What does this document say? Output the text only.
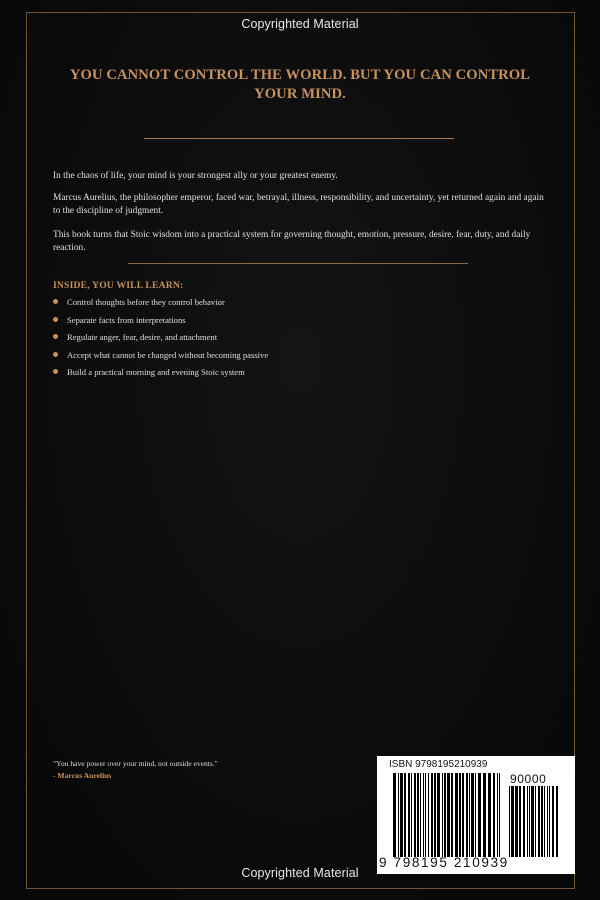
Copyrighted Material
YOU CANNOT CONTROL THE WORLD. BUT YOU CAN CONTROL YOUR MIND.

In the chaos of life, your mind is your strongest ally or your greatest enemy.

Marcus Aurelius, the philosopher emperor, faced war, betrayal, illness, responsibility, and uncertainty, yet returned again and again to the discipline of judgment.

This book turns that Stoic wisdom into a practical system for governing thought, emotion, pressure, desire, fear, duty, and daily reaction.

INSIDE, YOU WILL LEARN:
Control thoughts before they control behavior
Separate facts from interpretations
Regulate anger, fear, desire, and attachment
Accept what cannot be changed without becoming passive
Build a practical morning and evening Stoic system
"You have power over your mind, not outside events."
- Marcus Aurelius
ISBN 9798195210939
90000
9 798195 210939
Copyrighted Material
